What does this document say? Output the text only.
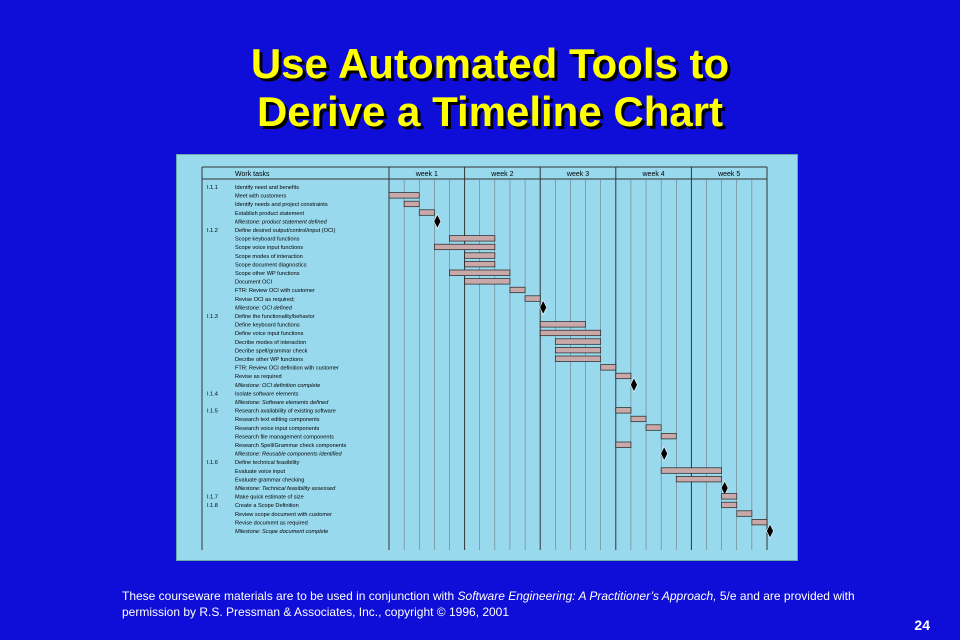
Use Automated Tools to
Derive a Timeline Chart
Work tasks	week 1	week 2	week 3	week 4	week 5
I.1.1	Identify need and benefits
Meet with customers
Identify needs and project constraints
Establish product statement
Milestone: product statement defined
I.1.2	Define desired output/control/input (OCI)
Scope keyboard functions
Scope voice input functions
Scope modes of interaction
Scope document diagnostics
Scope other WP functions
Document OCI
FTR: Review OCI with customer
Revise OCI as required;
Milestone: OCI defined
I.1.3	Define the functionality/behavior
Define keyboard functions
Define voice input functions
Decribe modes of interaction
Decribe spell/grammar check
Decribe other WP functions
FTR: Review OCI definition with customer
Revise as required
Milestone: OCI definition complete
I.1.4	Isolate software elements
Milestone: Software elements defined
I.1.5	Research availability of existing software
Research text editing components
Research voice input components
Research file management components
Research Spell/Grammar check components
Milestone: Reusable components identified
I.1.6	Define technical feasibility
Evaluate voice input
Evaluate grammar checking
Milestone: Technical feasibility assessed
I.1.7	Make quick estimate of size
I.1.8	Create a Scope Definition
Review scope document with customer
Revise document as required
Milestone: Scope document complete
These courseware materials are to be used in conjunction with Software Engineering: A Practitioner’s Approach, 5/e and are provided with permission by R.S. Pressman & Associates, Inc., copyright © 1996, 2001
24
